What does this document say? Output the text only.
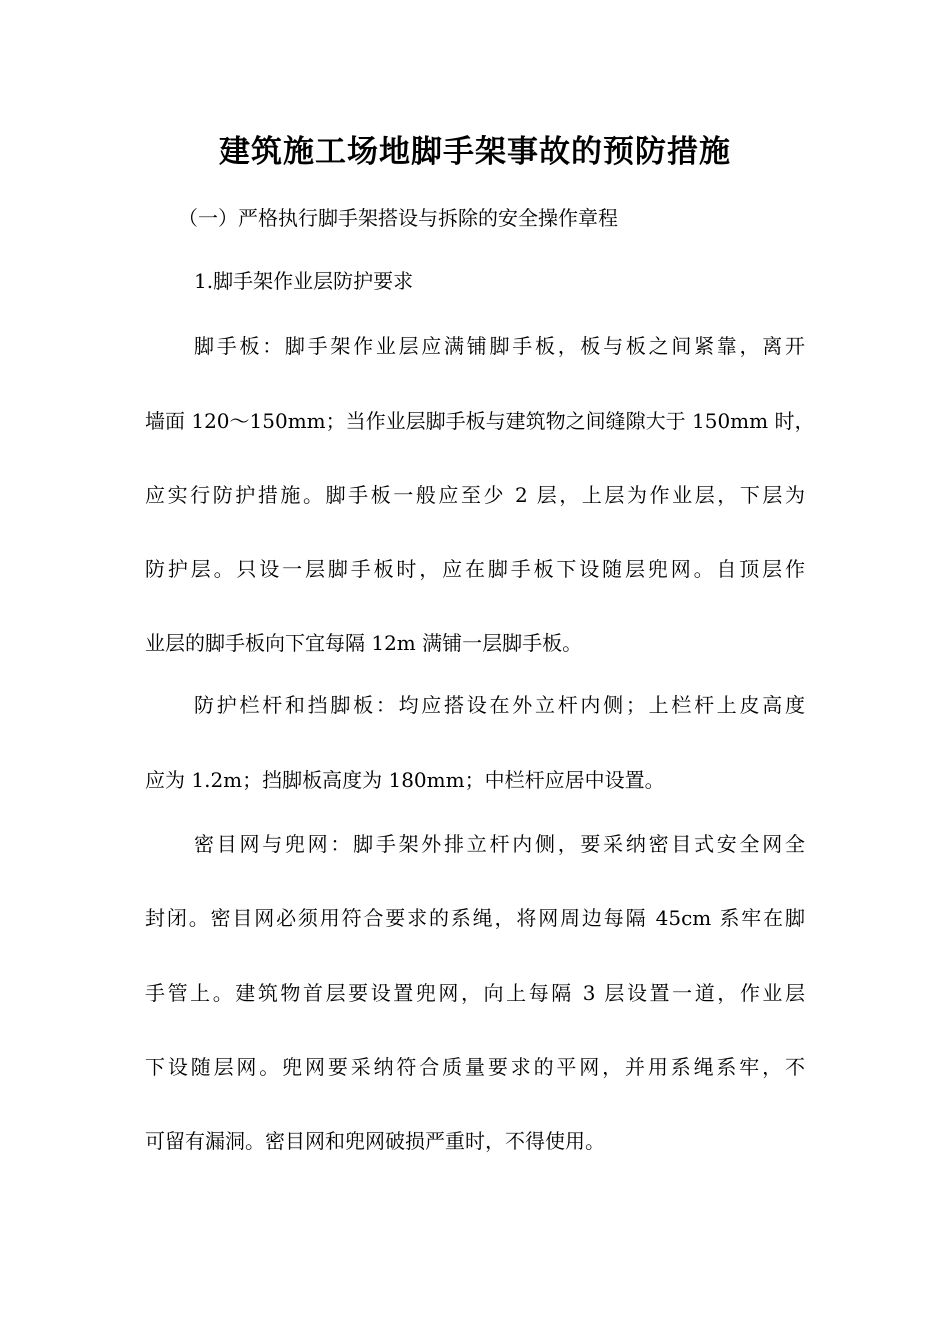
建筑施工场地脚手架事故的预防措施
（一）严格执行脚手架搭设与拆除的安全操作章程
1.脚手架作业层防护要求
脚手板：脚手架作业层应满铺脚手板，板与板之间紧靠，离开
墙面 120～150mm；当作业层脚手板与建筑物之间缝隙大于 150mm 时，
应实行防护措施。脚手板一般应至少 2 层，上层为作业层，下层为
防护层。只设一层脚手板时，应在脚手板下设随层兜网。自顶层作
业层的脚手板向下宜每隔 12m 满铺一层脚手板。
防护栏杆和挡脚板：均应搭设在外立杆内侧；上栏杆上皮高度
应为 1.2m；挡脚板高度为 180mm；中栏杆应居中设置。
密目网与兜网：脚手架外排立杆内侧，要采纳密目式安全网全
封闭。密目网必须用符合要求的系绳，将网周边每隔 45cm 系牢在脚
手管上。建筑物首层要设置兜网，向上每隔 3 层设置一道，作业层
下设随层网。兜网要采纳符合质量要求的平网，并用系绳系牢，不
可留有漏洞。密目网和兜网破损严重时，不得使用。
